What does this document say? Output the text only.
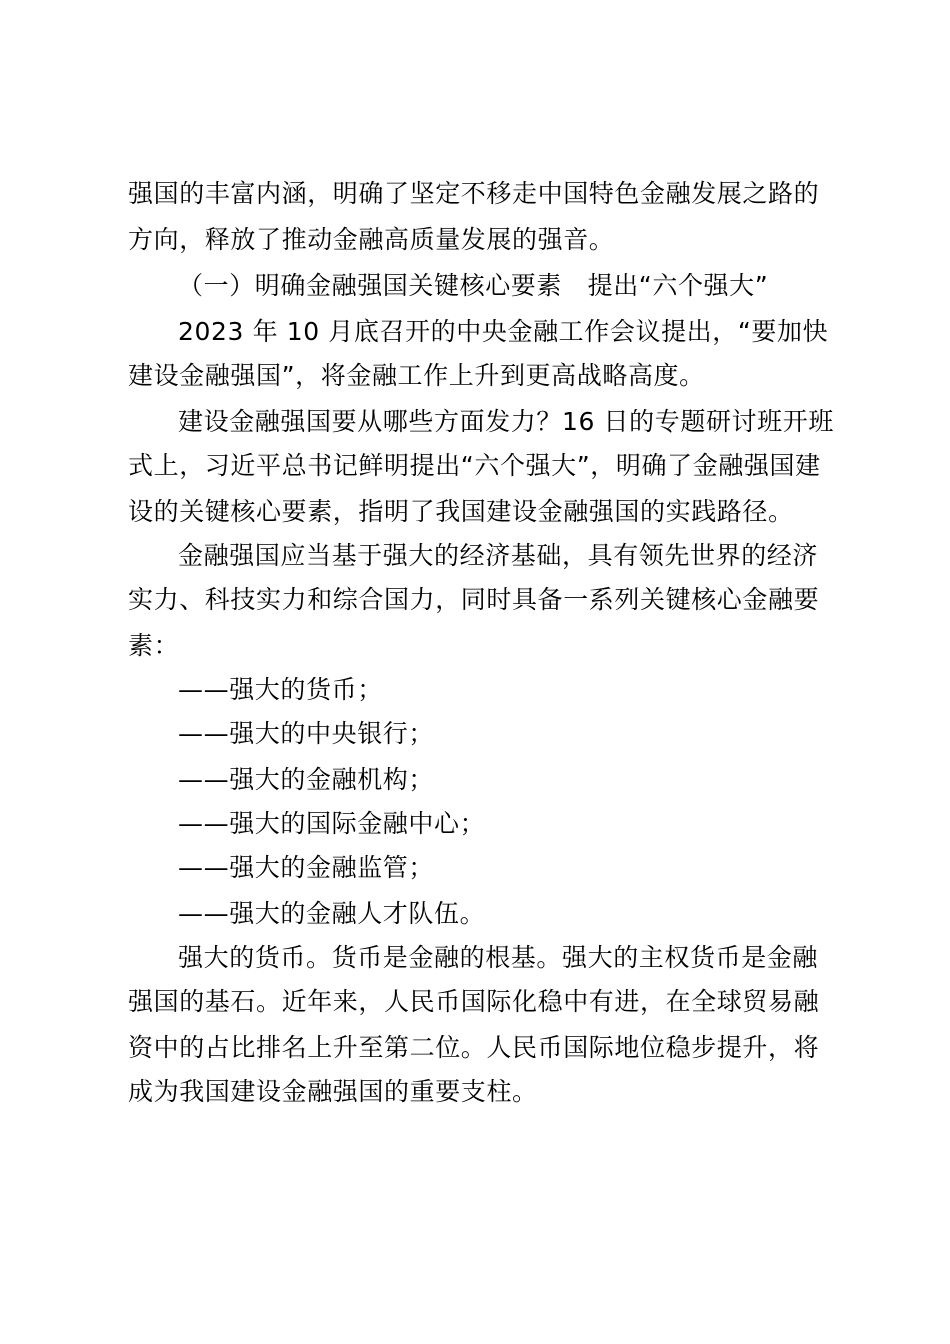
强国的丰富内涵，明确了坚定不移走中国特色金融发展之路的
方向，释放了推动金融高质量发展的强音。
（一）明确金融强国关键核心要素　提出“六个强大”
2023 年 10 月底召开的中央金融工作会议提出，“要加快
建设金融强国”，将金融工作上升到更高战略高度。
建设金融强国要从哪些方面发力？16 日的专题研讨班开班
式上，习近平总书记鲜明提出“六个强大”，明确了金融强国建
设的关键核心要素，指明了我国建设金融强国的实践路径。
金融强国应当基于强大的经济基础，具有领先世界的经济
实力、科技实力和综合国力，同时具备一系列关键核心金融要
素：
——强大的货币；
——强大的中央银行；
——强大的金融机构；
——强大的国际金融中心；
——强大的金融监管；
——强大的金融人才队伍。
强大的货币。货币是金融的根基。强大的主权货币是金融
强国的基石。近年来，人民币国际化稳中有进，在全球贸易融
资中的占比排名上升至第二位。人民币国际地位稳步提升，将
成为我国建设金融强国的重要支柱。
